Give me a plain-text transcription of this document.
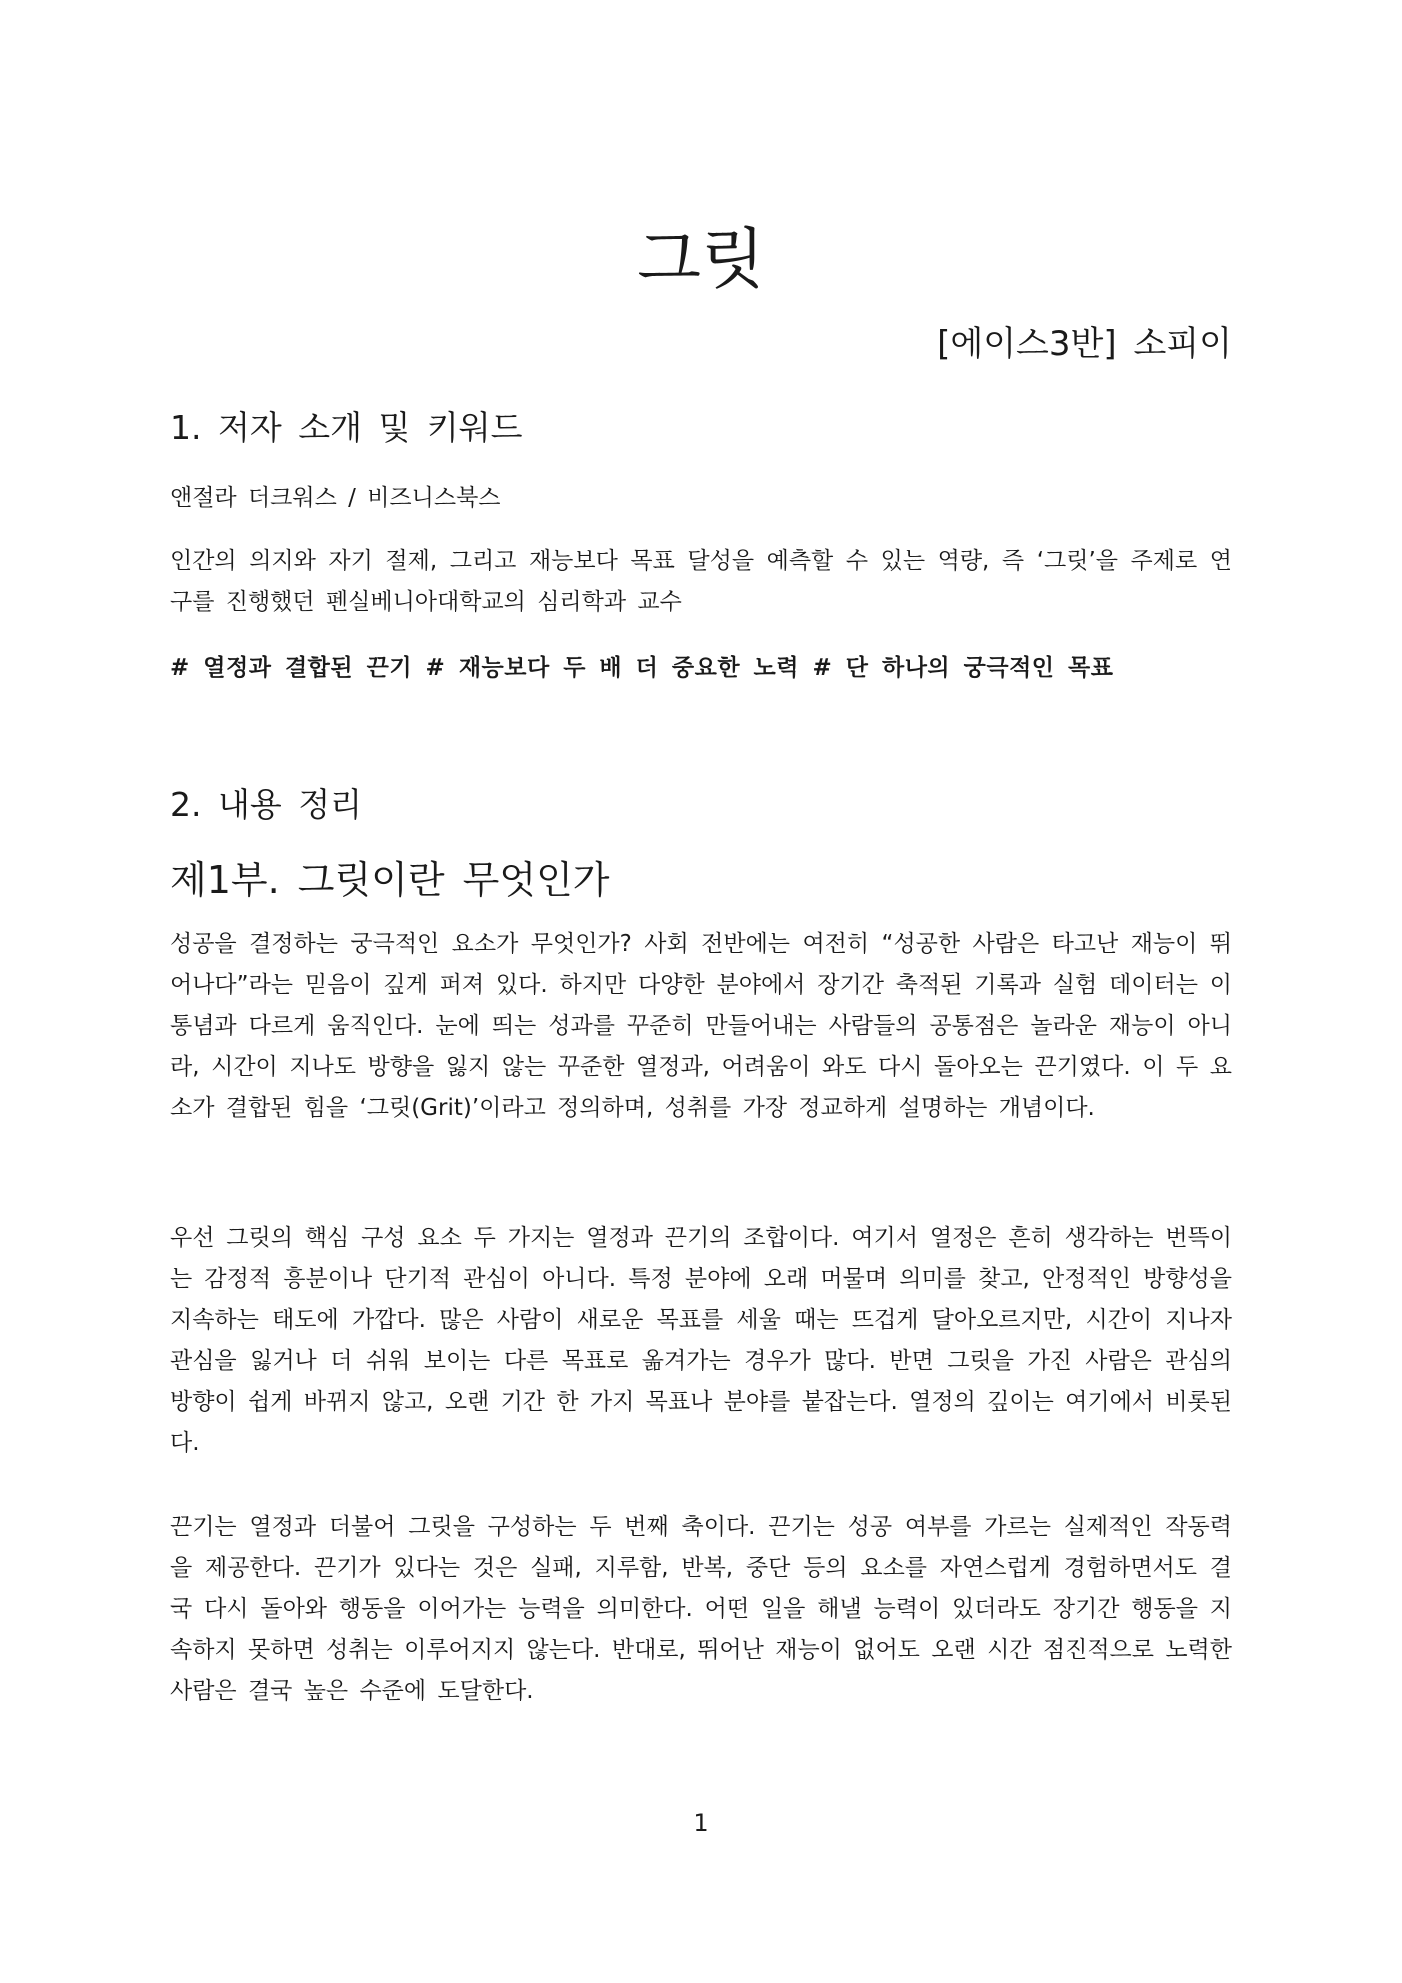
그릿
[에이스3반] 소피이
1. 저자 소개 및 키워드

앤절라 더크워스 / 비즈니스북스

인간의 의지와 자기 절제, 그리고 재능보다 목표 달성을 예측할 수 있는 역량, 즉 ‘그릿’을 주제로 연구를 진행했던 펜실베니아대학교의 심리학과 교수

# 열정과 결합된 끈기 # 재능보다 두 배 더 중요한 노력 # 단 하나의 궁극적인 목표

2. 내용 정리
제1부. 그릿이란 무엇인가

성공을 결정하는 궁극적인 요소가 무엇인가? 사회 전반에는 여전히 “성공한 사람은 타고난 재능이 뛰어나다”라는 믿음이 깊게 퍼져 있다. 하지만 다양한 분야에서 장기간 축적된 기록과 실험 데이터는 이 통념과 다르게 움직인다. 눈에 띄는 성과를 꾸준히 만들어내는 사람들의 공통점은 놀라운 재능이 아니라, 시간이 지나도 방향을 잃지 않는 꾸준한 열정과, 어려움이 와도 다시 돌아오는 끈기였다. 이 두 요소가 결합된 힘을 ‘그릿(Grit)’이라고 정의하며, 성취를 가장 정교하게 설명하는 개념이다.

우선 그릿의 핵심 구성 요소 두 가지는 열정과 끈기의 조합이다. 여기서 열정은 흔히 생각하는 번뜩이는 감정적 흥분이나 단기적 관심이 아니다. 특정 분야에 오래 머물며 의미를 찾고, 안정적인 방향성을 지속하는 태도에 가깝다. 많은 사람이 새로운 목표를 세울 때는 뜨겁게 달아오르지만, 시간이 지나자 관심을 잃거나 더 쉬워 보이는 다른 목표로 옮겨가는 경우가 많다. 반면 그릿을 가진 사람은 관심의 방향이 쉽게 바뀌지 않고, 오랜 기간 한 가지 목표나 분야를 붙잡는다. 열정의 깊이는 여기에서 비롯된다.

끈기는 열정과 더불어 그릿을 구성하는 두 번째 축이다. 끈기는 성공 여부를 가르는 실제적인 작동력을 제공한다. 끈기가 있다는 것은 실패, 지루함, 반복, 중단 등의 요소를 자연스럽게 경험하면서도 결국 다시 돌아와 행동을 이어가는 능력을 의미한다. 어떤 일을 해낼 능력이 있더라도 장기간 행동을 지속하지 못하면 성취는 이루어지지 않는다. 반대로, 뛰어난 재능이 없어도 오랜 시간 점진적으로 노력한 사람은 결국 높은 수준에 도달한다.

1
